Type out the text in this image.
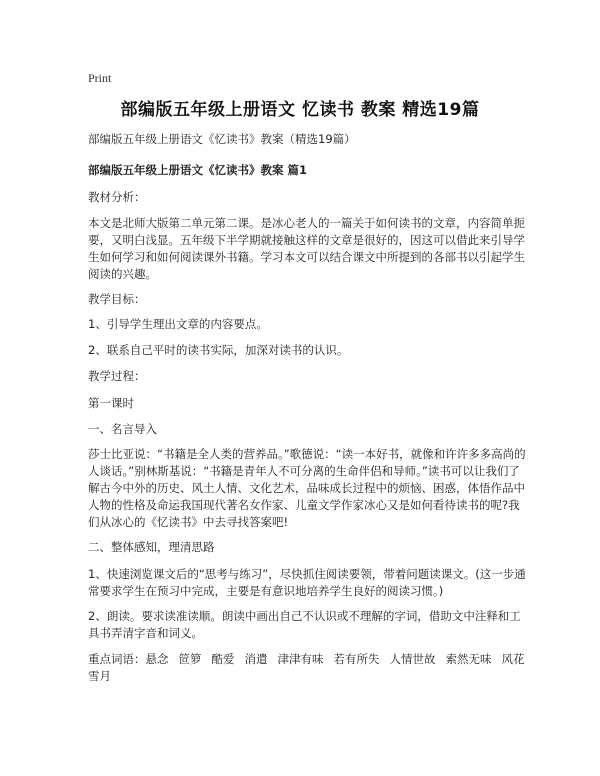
Print
部编版五年级上册语文 忆读书 教案 精选19篇
部编版五年级上册语文《忆读书》教案（精选19篇）
部编版五年级上册语文《忆读书》教案 篇1
教材分析：
本文是北师大版第二单元第二课。是冰心老人的一篇关于如何读书的文章，内容简单扼要，又明白浅显。五年级下半学期就接触这样的文章是很好的，因这可以借此来引导学生如何学习和如何阅读课外书籍。学习本文可以结合课文中所提到的各部书以引起学生阅读的兴趣。
教学目标：
1、引导学生理出文章的内容要点。
2、联系自己平时的读书实际，加深对读书的认识。
教学过程：
第一课时
一、名言导入
莎士比亚说：“书籍是全人类的营养品。”歌德说：“读一本好书，就像和许许多多高尚的人谈话。”别林斯基说：“书籍是青年人不可分离的生命伴侣和导师。”读书可以让我们了解古今中外的历史、风土人情、文化艺术，品味成长过程中的烦恼、困惑，体悟作品中人物的性格及命运我国现代著名女作家、儿童文学作家冰心又是如何看待读书的呢?我们从冰心的《忆读书》中去寻找答案吧!
二、整体感知，理清思路
1、快速浏览课文后的“思考与练习”，尽快抓住阅读要领，带着问题读课文。(这一步通常要求学生在预习中完成，主要是有意识地培养学生良好的阅读习惯。)
2、朗读。要求读准读顺。朗读中画出自己不认识或不理解的字词，借助文中注释和工具书弄清字音和词义。
重点词语：悬念 笸箩 酷爱 消遣 津津有味 若有所失 人情世故 索然无味 风花雪月
